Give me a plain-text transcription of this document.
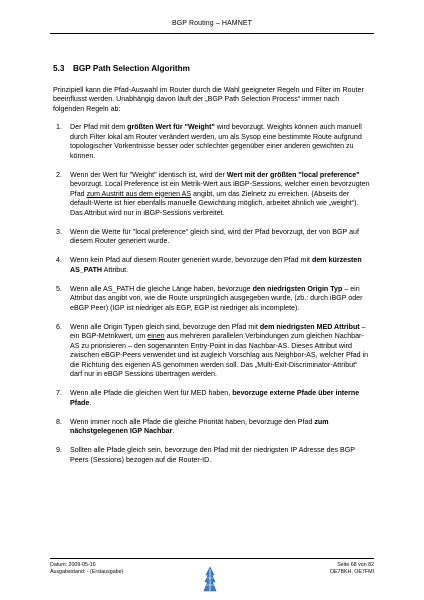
BGP Routing – HAMNET
5.3 BGP Path Selection Algorithm

Prinzipiell kann die Pfad-Auswahl im Router durch die Wahl geeigneter Regeln und Filter im Router beeinflusst werden. Unabhängig davon läuft der „BGP Path Selection Process“ immer nach folgenden Regeln ab:

1. Der Pfad mit dem größten Wert für "Weight" wird bevorzugt. Weights können auch manuell durch Filter lokal am Router verändert werden, um als Sysop eine bestimmte Route aufgrund topologischer Vorkentnisse besser oder schlechter gegenüber einer anderen gewichten zu können.
2. Wenn der Wert für "Weight" identisch ist, wird der Wert mit der größten "local preference" bevorzugt. Local Preference ist ein Metrik-Wert aus iBGP-Sessions, welcher einen bevorzugten Pfad zum Austritt aus dem eigenen AS angibt, um das Zielnetz zu erreichen. (Abseits der default-Werte ist hier ebenfalls manuelle Gewichtung möglich, arbeitet ähnlich wie „weight“). Das Attribut wird nur in iBGP-Sessions verbreitet.
3. Wenn die Werte für "local preference" gleich sind, wird der Pfad bevorzugt, der von BGP auf diesem Router generiert wurde.
4. Wenn kein Pfad auf diesem Router generiert wurde, bevorzuge den Pfad mit dem kürzesten AS_PATH Attribut.
5. Wenn alle AS_PATH die gleiche Länge haben, bevorzuge den niedrigsten Origin Typ – ein Attribut das angibt von, wie die Route ursprünglich ausgegeben wurde, (zb.: durch iBGP oder eBGP Peer) (IGP ist niedriger als EGP, EGP ist niedriger als incomplete).
6. Wenn alle Origin Typen gleich sind, bevorzuge den Pfad mit dem niedrigsten MED Attribut – ein BGP-Metrikwert, um einen aus mehreren parallelen Verbindungen zum gleichen Nachbar-AS zu priorisieren – den sogenannten Entry-Point in das Nachbar-AS. Dieses Attribut wird zwischen eBGP-Peers verwendet und ist zugleich Vorschlag aus Neighbor-AS, welcher Pfad in die Richtung des eigenen AS genommen werden soll. Das „Multi-Exit-Discriminator-Attribut“ darf nur in eBGP Sessions übertragen werden.
7. Wenn alle Pfade die gleichen Wert für MED haben, bevorzuge externe Pfade über interne Pfade.
8. Wenn immer noch alle Pfade die gleiche Priorität haben, bevorzuge den Pfad zum nächstgelegenen IGP Nachbar.
9. Sollten alle Pfade gleich sein, bevorzuge den Pfad mit der niedrigsten IP Adresse des BGP Peers (Sessions) bezogen auf die Router-ID.
Datum: 2009-05-16
Ausgabestand: - (Erstausgabe)
Seite 68 von 82
OE7BKH, OE7FMI
